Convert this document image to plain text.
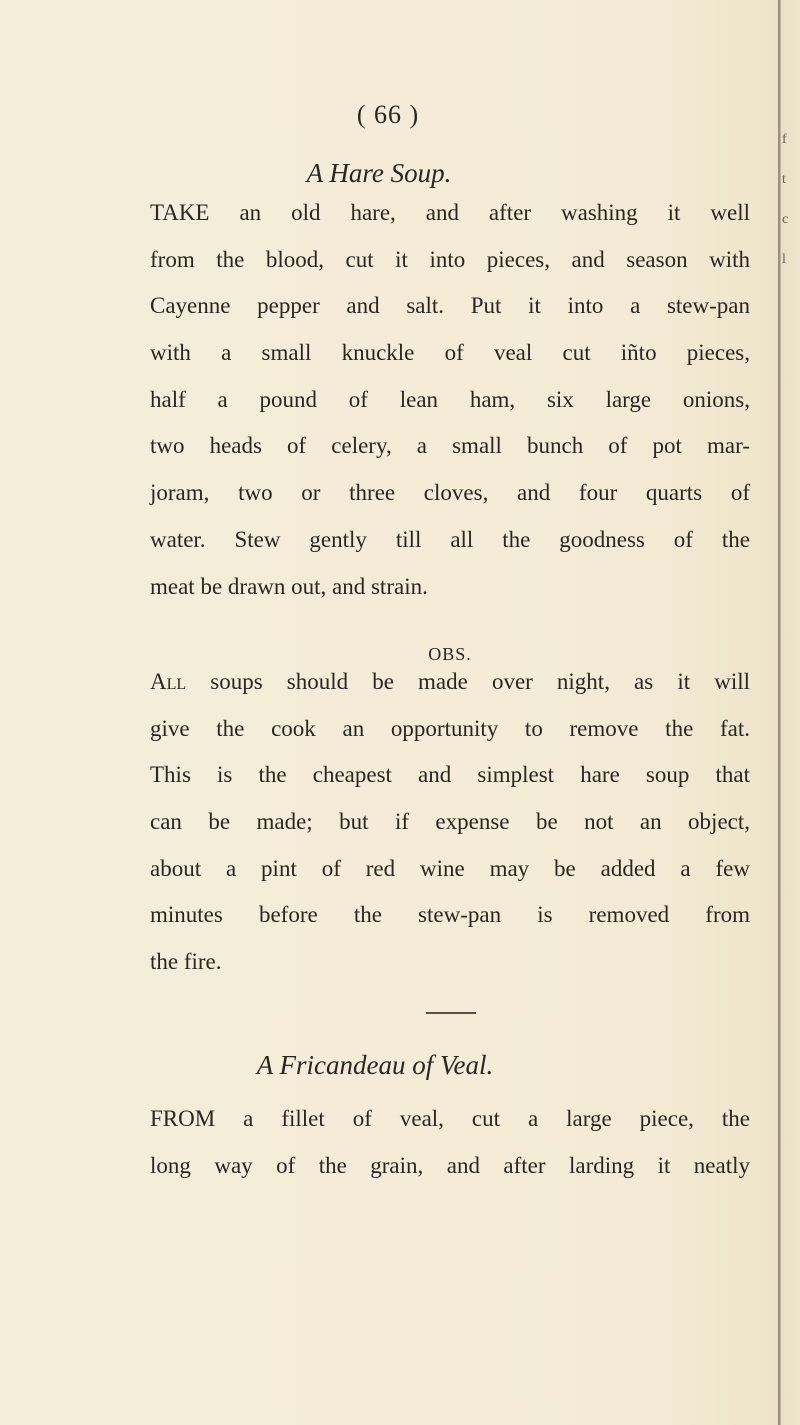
f
t
c
l
( 66 )
A Hare Soup.
TAKE an old hare, and after washing it well
from the blood, cut it into pieces, and season with
Cayenne pepper and salt. Put it into a stew-pan
with a small knuckle of veal cut iñto pieces,
half a pound of lean ham, six large onions,
two heads of celery, a small bunch of pot mar-
joram, two or three cloves, and four quarts of
water. Stew gently till all the goodness of the
meat be drawn out, and strain.
OBS.
All soups should be made over night, as it will
give the cook an opportunity to remove the fat.
This is the cheapest and simplest hare soup that
can be made; but if expense be not an object,
about a pint of red wine may be added a few
minutes before the stew-pan is removed from
the fire.
A Fricandeau of Veal.
FROM a fillet of veal, cut a large piece, the
long way of the grain, and after larding it neatly
